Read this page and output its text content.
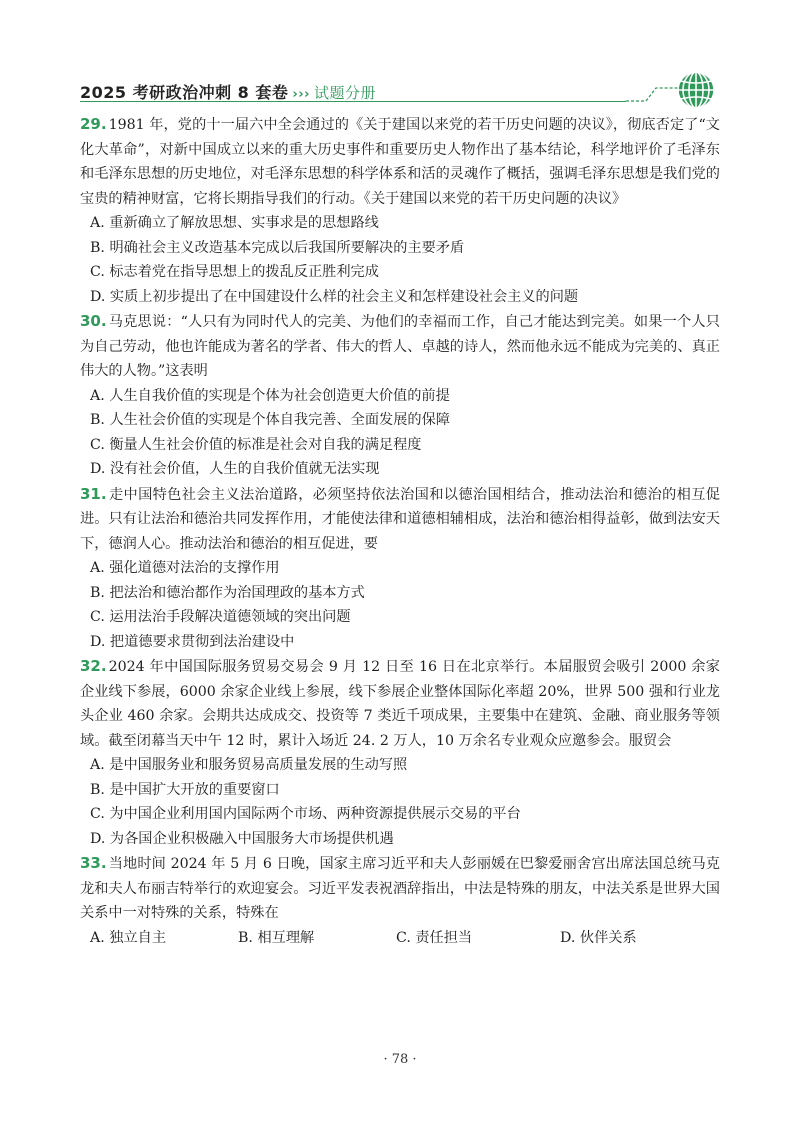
2025 考研政治冲刺 8 套卷 ››› 试题分册

29. 1981 年，党的十一届六中全会通过的《关于建国以来党的若干历史问题的决议》，彻底否定了“文化大革命”，对新中国成立以来的重大历史事件和重要历史人物作出了基本结论，科学地评价了毛泽东和毛泽东思想的历史地位，对毛泽东思想的科学体系和活的灵魂作了概括，强调毛泽东思想是我们党的宝贵的精神财富，它将长期指导我们的行动。《关于建国以来党的若干历史问题的决议》

A. 重新确立了解放思想、实事求是的思想路线

B. 明确社会主义改造基本完成以后我国所要解决的主要矛盾

C. 标志着党在指导思想上的拨乱反正胜利完成

D. 实质上初步提出了在中国建设什么样的社会主义和怎样建设社会主义的问题

30. 马克思说：“人只有为同时代人的完美、为他们的幸福而工作，自己才能达到完美。如果一个人只为自己劳动，他也许能成为著名的学者、伟大的哲人、卓越的诗人，然而他永远不能成为完美的、真正伟大的人物。”这表明

A. 人生自我价值的实现是个体为社会创造更大价值的前提

B. 人生社会价值的实现是个体自我完善、全面发展的保障

C. 衡量人生社会价值的标准是社会对自我的满足程度

D. 没有社会价值，人生的自我价值就无法实现

31. 走中国特色社会主义法治道路，必须坚持依法治国和以德治国相结合，推动法治和德治的相互促进。只有让法治和德治共同发挥作用，才能使法律和道德相辅相成，法治和德治相得益彰，做到法安天下，德润人心。推动法治和德治的相互促进，要

A. 强化道德对法治的支撑作用

B. 把法治和德治都作为治国理政的基本方式

C. 运用法治手段解决道德领域的突出问题

D. 把道德要求贯彻到法治建设中

32. 2024 年中国国际服务贸易交易会 9 月 12 日至 16 日在北京举行。本届服贸会吸引 2000 余家企业线下参展，6000 余家企业线上参展，线下参展企业整体国际化率超 20%，世界 500 强和行业龙头企业 460 余家。会期共达成成交、投资等 7 类近千项成果，主要集中在建筑、金融、商业服务等领域。截至闭幕当天中午 12 时，累计入场近 24. 2 万人，10 万余名专业观众应邀参会。服贸会

A. 是中国服务业和服务贸易高质量发展的生动写照

B. 是中国扩大开放的重要窗口

C. 为中国企业利用国内国际两个市场、两种资源提供展示交易的平台

D. 为各国企业积极融入中国服务大市场提供机遇

33. 当地时间 2024 年 5 月 6 日晚，国家主席习近平和夫人彭丽媛在巴黎爱丽舍宫出席法国总统马克龙和夫人布丽吉特举行的欢迎宴会。习近平发表祝酒辞指出，中法是特殊的朋友，中法关系是世界大国关系中一对特殊的关系，特殊在

A. 独立自主	B. 相互理解	C. 责任担当	D. 伙伴关系

· 78 ·
